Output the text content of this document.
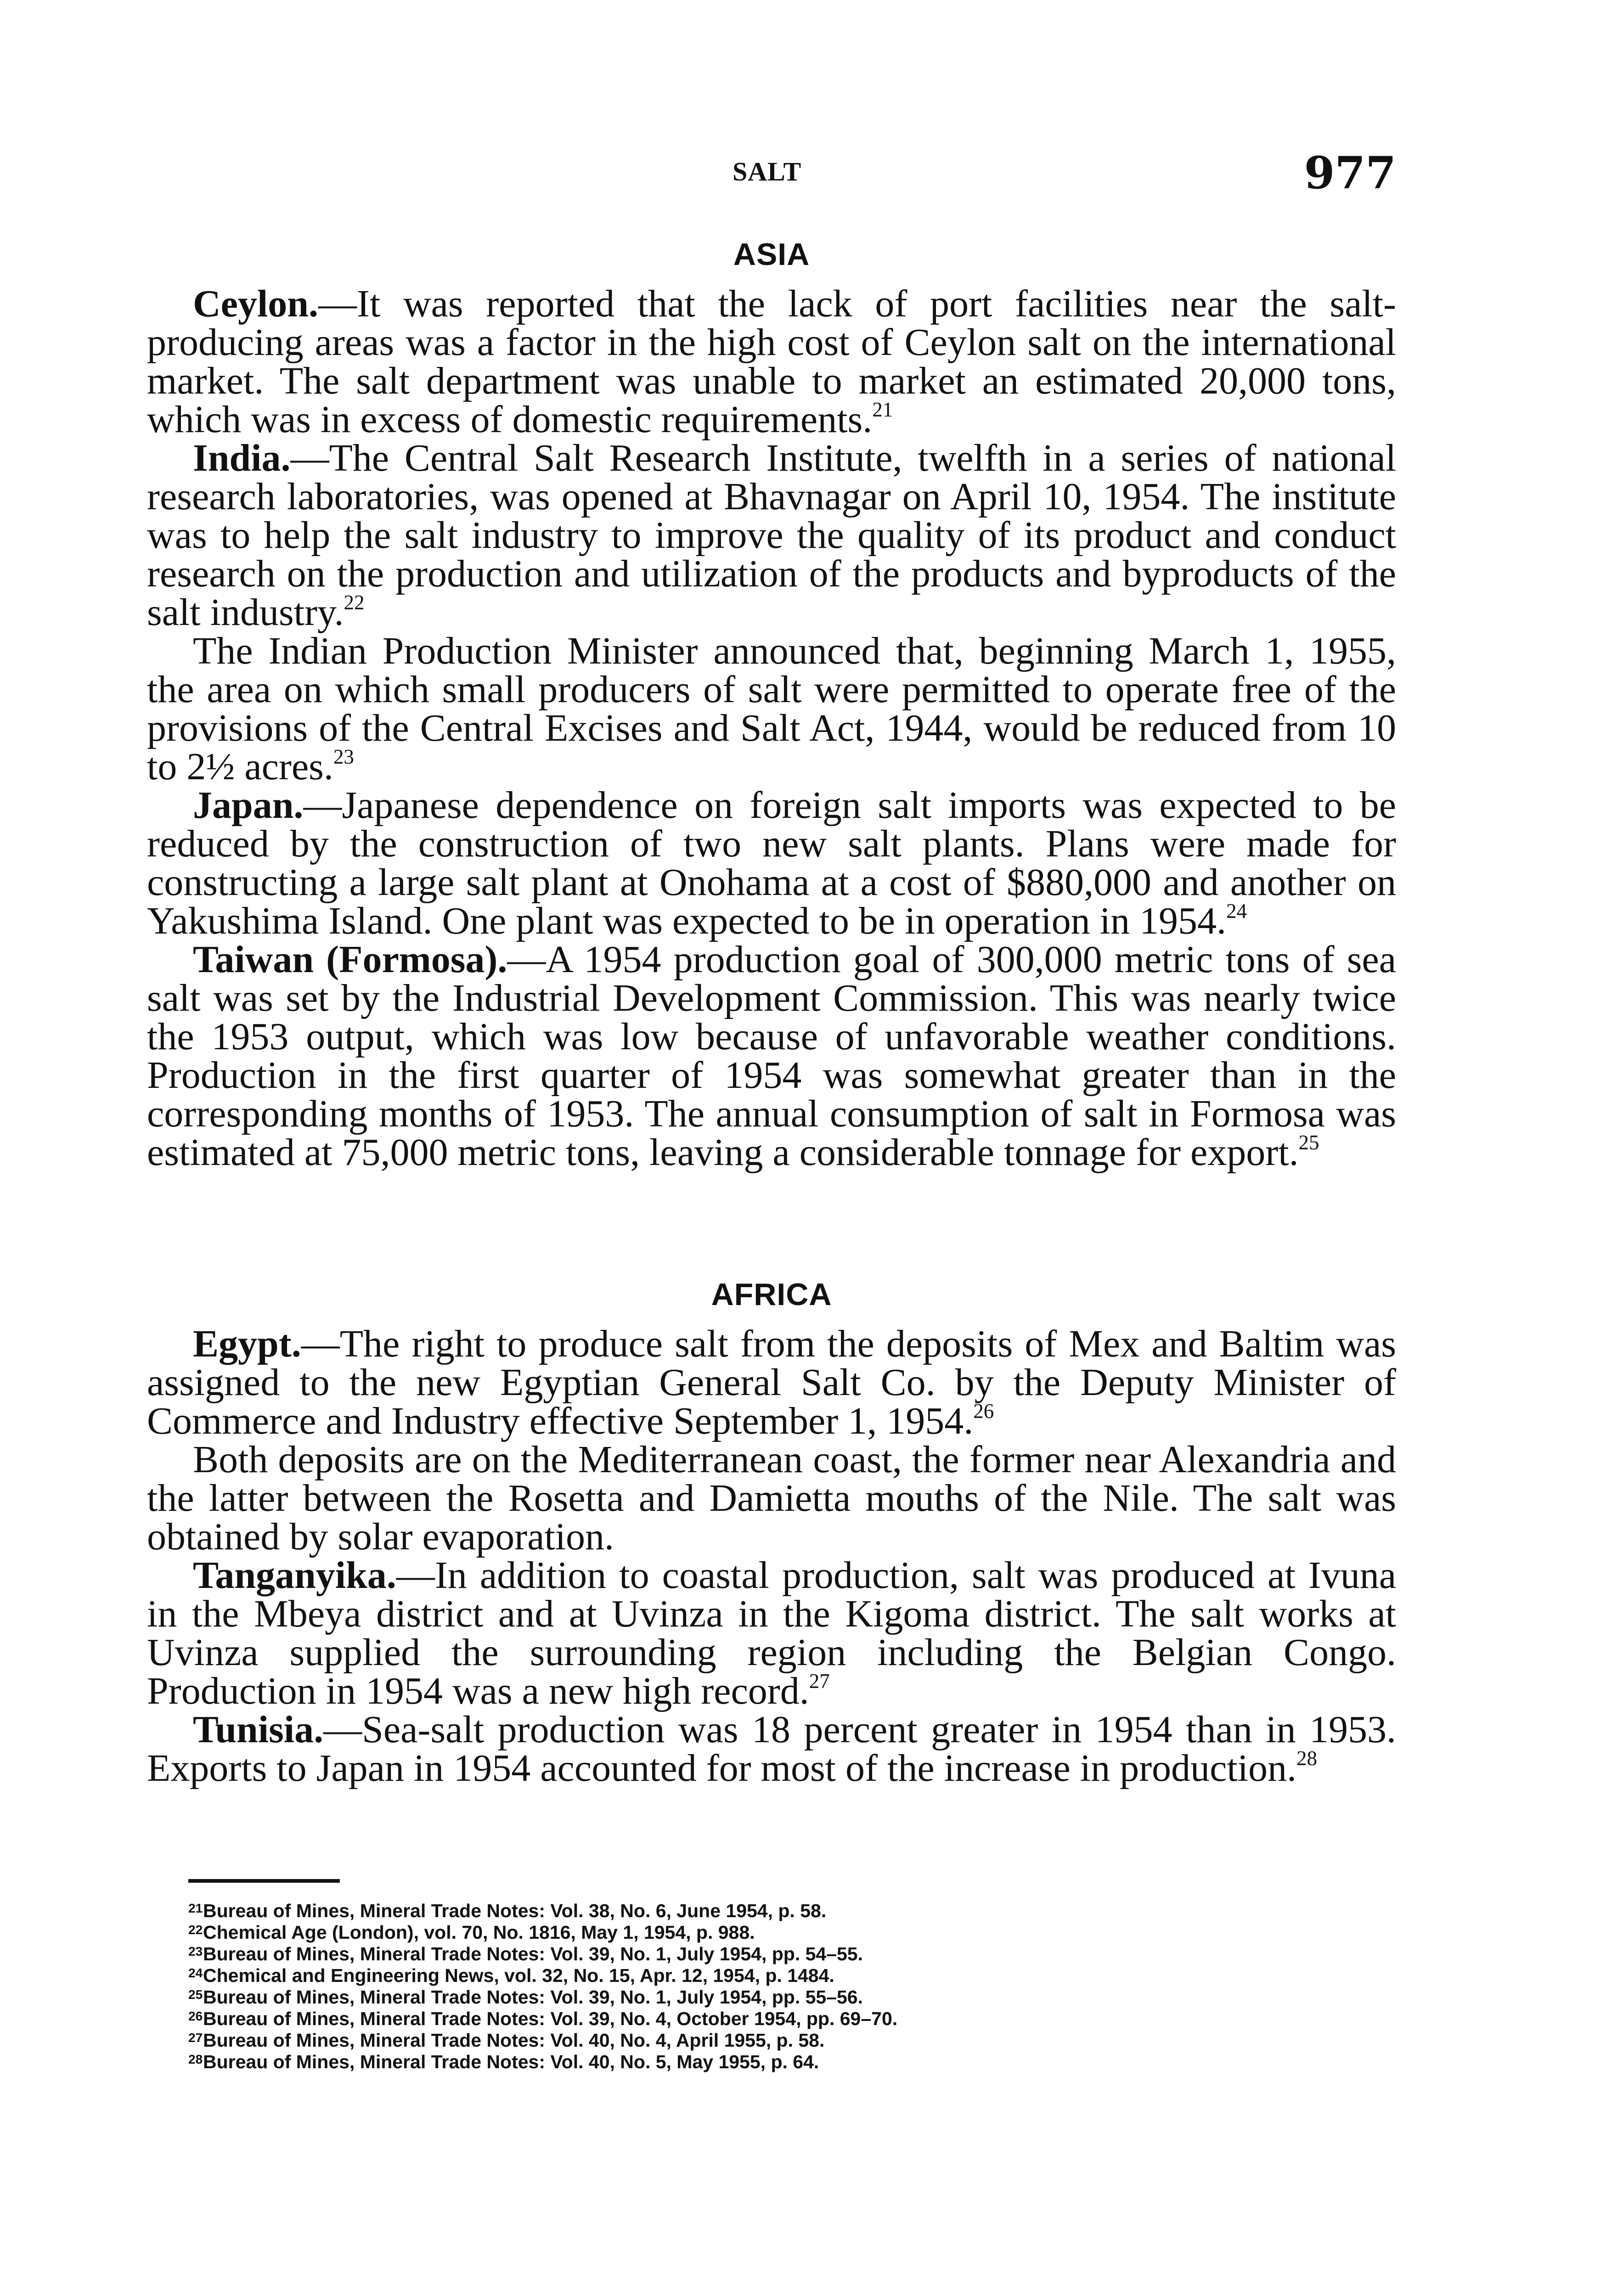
SALT	977
ASIA

Ceylon.—It was reported that the lack of port facilities near the salt-producing areas was a factor in the high cost of Ceylon salt on the international market. The salt department was unable to market an estimated 20,000 tons, which was in excess of domestic requirements.$^{21}$

India.—The Central Salt Research Institute, twelfth in a series of national research laboratories, was opened at Bhavnagar on April 10, 1954. The institute was to help the salt industry to improve the quality of its product and conduct research on the production and utilization of the products and byproducts of the salt industry.$^{22}$

The Indian Production Minister announced that, beginning March 1, 1955, the area on which small producers of salt were permitted to operate free of the provisions of the Central Excises and Salt Act, 1944, would be reduced from 10 to 2½ acres.$^{23}$

Japan.—Japanese dependence on foreign salt imports was expected to be reduced by the construction of two new salt plants. Plans were made for constructing a large salt plant at Onohama at a cost of $880,000 and another on Yakushima Island. One plant was expected to be in operation in 1954.24

Taiwan (Formosa).—A 1954 production goal of 300,000 metric tons of sea salt was set by the Industrial Development Commission. This was nearly twice the 1953 output, which was low because of unfavorable weather conditions. Production in the first quarter of 1954 was somewhat greater than in the corresponding months of 1953. The annual consumption of salt in Formosa was estimated at 75,000 metric tons, leaving a considerable tonnage for export.$^{25}$

AFRICA

Egypt.—The right to produce salt from the deposits of Mex and Baltim was assigned to the new Egyptian General Salt Co. by the Deputy Minister of Commerce and Industry effective September 1, 1954.26

Both deposits are on the Mediterranean coast, the former near Alexandria and the latter between the Rosetta and Damietta mouths of the Nile. The salt was obtained by solar evaporation.

Tanganyika.—In addition to coastal production, salt was produced at Ivuna in the Mbeya district and at Uvinza in the Kigoma district. The salt works at Uvinza supplied the surrounding region including the Belgian Congo. Production in 1954 was a new high record.$^{27}$

Tunisia.—Sea-salt production was 18 percent greater in 1954 than in 1953. Exports to Japan in 1954 accounted for most of the increase in production.$^{28}$

21Bureau of Mines, Mineral Trade Notes: Vol. 38, No. 6, June 1954, p. 58.
22Chemical Age (London), vol. 70, No. 1816, May 1, 1954, p. 988.
23Bureau of Mines, Mineral Trade Notes: Vol. 39, No. 1, July 1954, pp. 54–55.
24Chemical and Engineering News, vol. 32, No. 15, Apr. 12, 1954, p. 1484.
25Bureau of Mines, Mineral Trade Notes: Vol. 39, No. 1, July 1954, pp. 55–56.
26Bureau of Mines, Mineral Trade Notes: Vol. 39, No. 4, October 1954, pp. 69–70.
27Bureau of Mines, Mineral Trade Notes: Vol. 40, No. 4, April 1955, p. 58.
28Bureau of Mines, Mineral Trade Notes: Vol. 40, No. 5, May 1955, p. 64.
